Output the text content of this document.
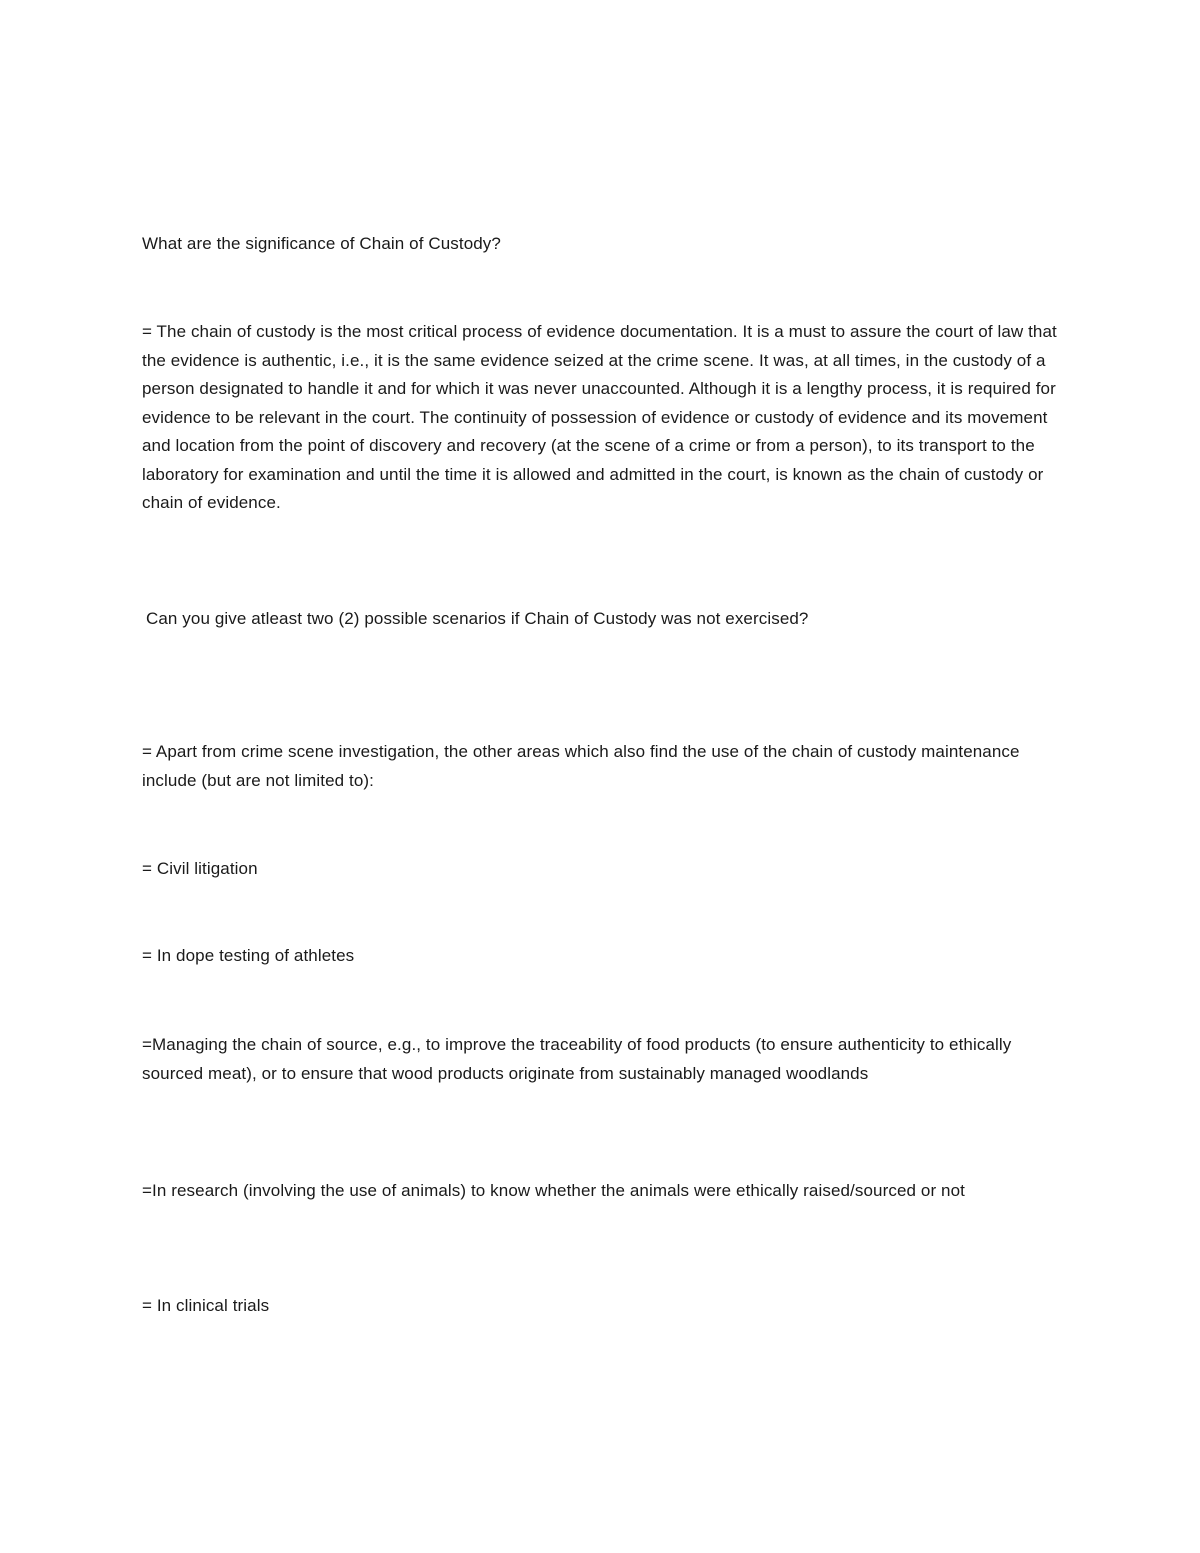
What are the significance of Chain of Custody?

= The chain of custody is the most critical process of evidence documentation. It is a must to assure the court of law that the evidence is authentic, i.e., it is the same evidence seized at the crime scene. It was, at all times, in the custody of a person designated to handle it and for which it was never unaccounted. Although it is a lengthy process, it is required for evidence to be relevant in the court. The continuity of possession of evidence or custody of evidence and its movement and location from the point of discovery and recovery (at the scene of a crime or from a person), to its transport to the laboratory for examination and until the time it is allowed and admitted in the court, is known as the chain of custody or chain of evidence.

Can you give atleast two (2) possible scenarios if Chain of Custody was not exercised?

= Apart from crime scene investigation, the other areas which also find the use of the chain of custody maintenance include (but are not limited to):

= Civil litigation

= In dope testing of athletes

=Managing the chain of source, e.g., to improve the traceability of food products (to ensure authenticity to ethically sourced meat), or to ensure that wood products originate from sustainably managed woodlands

=In research (involving the use of animals) to know whether the animals were ethically raised/sourced or not

= In clinical trials
